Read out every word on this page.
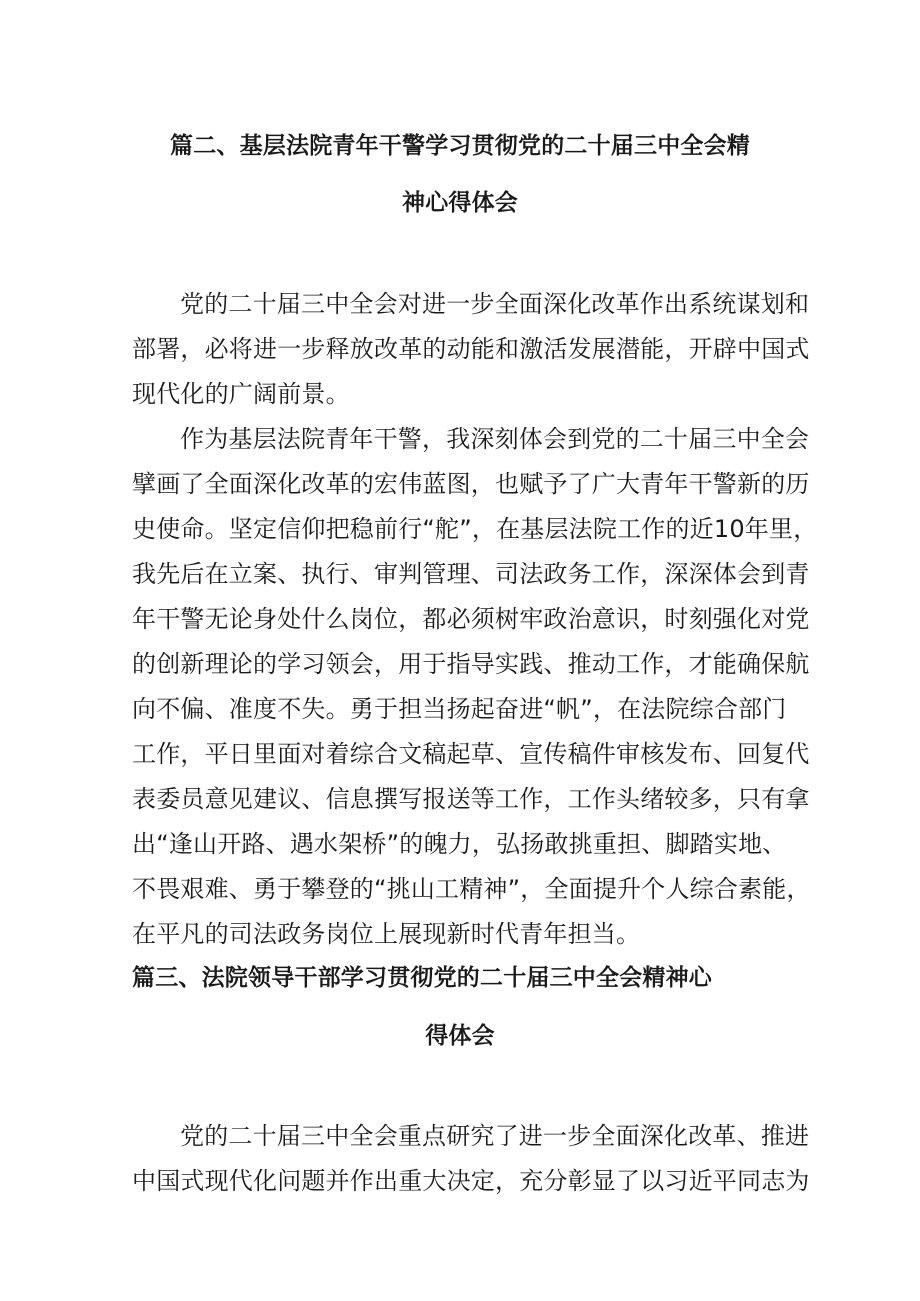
篇二、基层法院青年干警学习贯彻党的二十届三中全会精
神心得体会
党的二十届三中全会对进一步全面深化改革作出系统谋划和
部署，必将进一步释放改革的动能和激活发展潜能，开辟中国式
现代化的广阔前景。
作为基层法院青年干警，我深刻体会到党的二十届三中全会
擘画了全面深化改革的宏伟蓝图，也赋予了广大青年干警新的历
史使命。坚定信仰把稳前行“舵”，在基层法院工作的近10年里，
我先后在立案、执行、审判管理、司法政务工作，深深体会到青
年干警无论身处什么岗位，都必须树牢政治意识，时刻强化对党
的创新理论的学习领会，用于指导实践、推动工作，才能确保航
向不偏、准度不失。勇于担当扬起奋进“帆”，在法院综合部门
工作，平日里面对着综合文稿起草、宣传稿件审核发布、回复代
表委员意见建议、信息撰写报送等工作，工作头绪较多，只有拿
出“逢山开路、遇水架桥”的魄力，弘扬敢挑重担、脚踏实地、
不畏艰难、勇于攀登的“挑山工精神”，全面提升个人综合素能，
在平凡的司法政务岗位上展现新时代青年担当。
篇三、法院领导干部学习贯彻党的二十届三中全会精神心
得体会
党的二十届三中全会重点研究了进一步全面深化改革、推进
中国式现代化问题并作出重大决定，充分彰显了以习近平同志为
